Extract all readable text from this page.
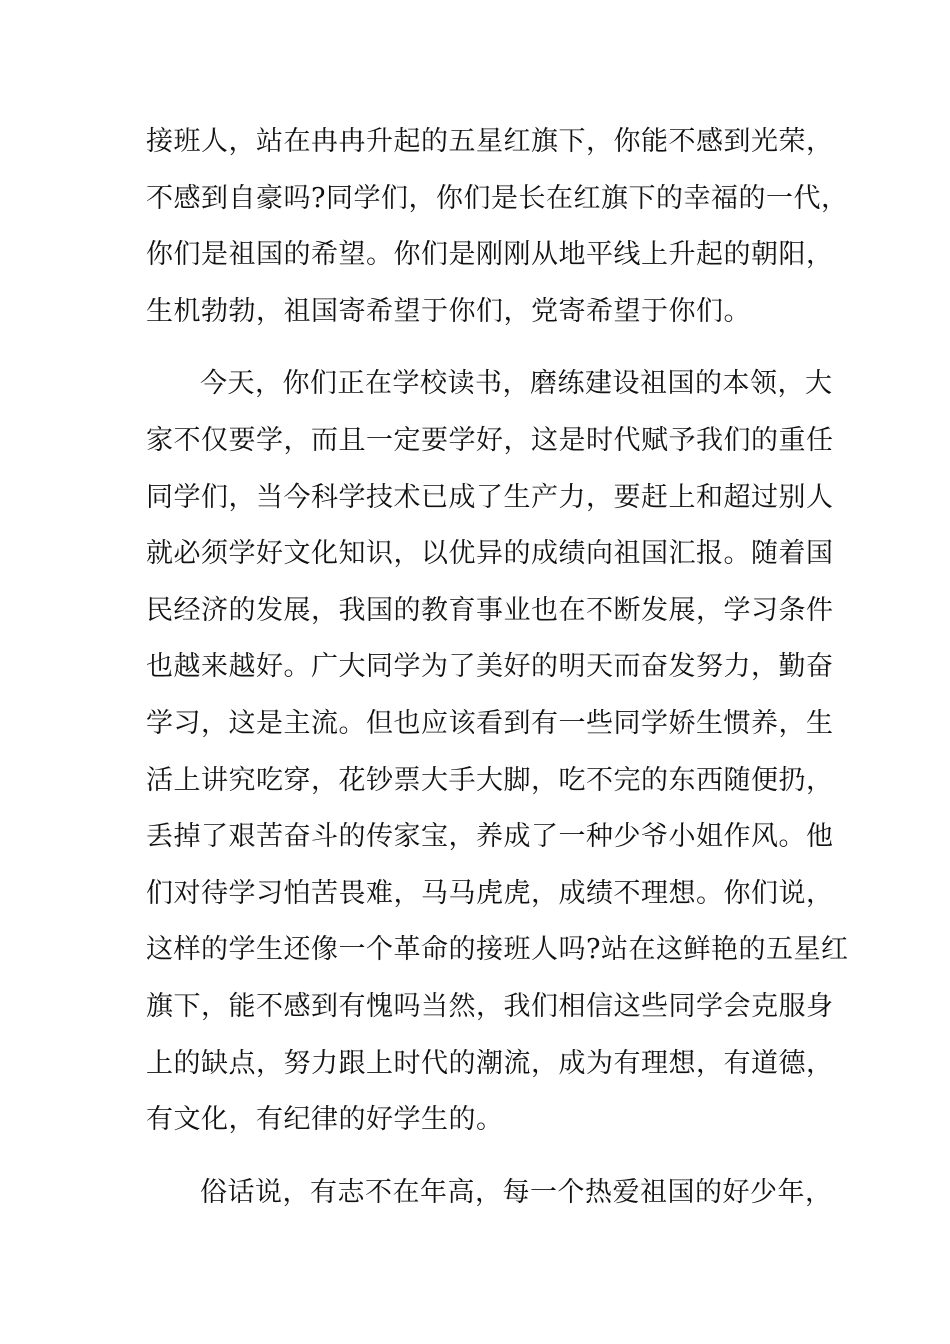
接班人，站在冉冉升起的五星红旗下，你能不感到光荣，
不感到自豪吗?同学们，你们是长在红旗下的幸福的一代，
你们是祖国的希望。你们是刚刚从地平线上升起的朝阳，
生机勃勃，祖国寄希望于你们，党寄希望于你们。
今天，你们正在学校读书，磨练建设祖国的本领，大
家不仅要学，而且一定要学好，这是时代赋予我们的重任
同学们，当今科学技术已成了生产力，要赶上和超过别人
就必须学好文化知识，以优异的成绩向祖国汇报。随着国
民经济的发展，我国的教育事业也在不断发展，学习条件
也越来越好。广大同学为了美好的明天而奋发努力，勤奋
学习，这是主流。但也应该看到有一些同学娇生惯养，生
活上讲究吃穿，花钞票大手大脚，吃不完的东西随便扔，
丢掉了艰苦奋斗的传家宝，养成了一种少爷小姐作风。他
们对待学习怕苦畏难，马马虎虎，成绩不理想。你们说，
这样的学生还像一个革命的接班人吗?站在这鲜艳的五星红
旗下，能不感到有愧吗当然，我们相信这些同学会克服身
上的缺点，努力跟上时代的潮流，成为有理想，有道德，
有文化，有纪律的好学生的。
俗话说，有志不在年高，每一个热爱祖国的好少年，
